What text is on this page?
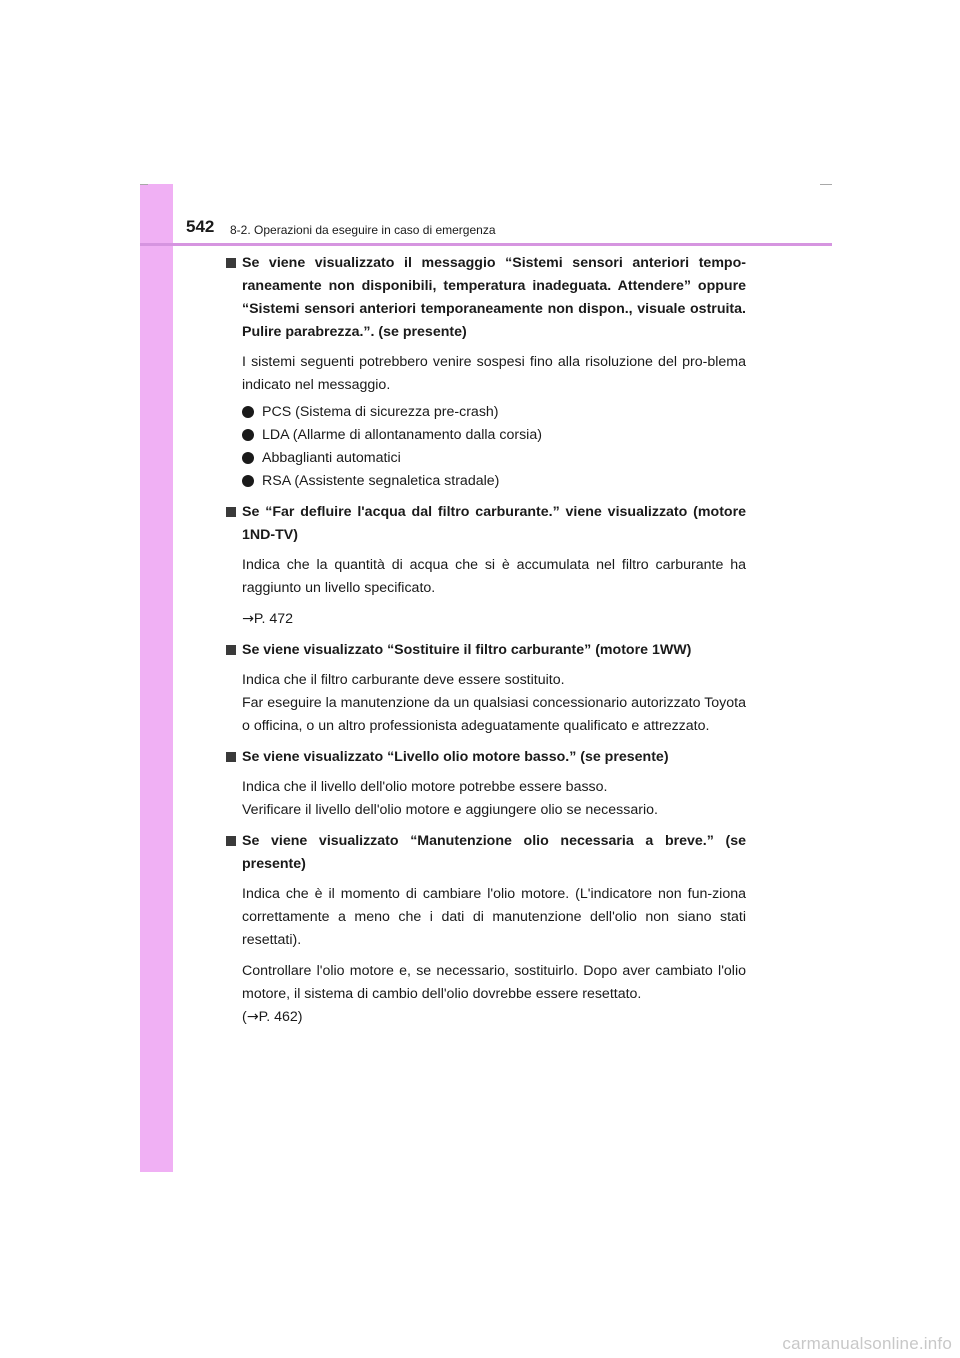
542 8-2. Operazioni da eseguire in caso di emergenza
Se viene visualizzato il messaggio “Sistemi sensori anteriori tempo-raneamente non disponibili, temperatura inadeguata. Attendere” oppure “Sistemi sensori anteriori temporaneamente non dispon., visuale ostruita. Pulire parabrezza.”. (se presente)
I sistemi seguenti potrebbero venire sospesi fino alla risoluzione del pro-blema indicato nel messaggio.
PCS (Sistema di sicurezza pre-crash)
LDA (Allarme di allontanamento dalla corsia)
Abbaglianti automatici
RSA (Assistente segnaletica stradale)
Se “Far defluire l'acqua dal filtro carburante.” viene visualizzato (motore 1ND-TV)
Indica che la quantità di acqua che si è accumulata nel filtro carburante ha raggiunto un livello specificato.
→P. 472
Se viene visualizzato “Sostituire il filtro carburante” (motore 1WW)
Indica che il filtro carburante deve essere sostituito.
Far eseguire la manutenzione da un qualsiasi concessionario autorizzato Toyota o officina, o un altro professionista adeguatamente qualificato e attrezzato.
Se viene visualizzato “Livello olio motore basso.” (se presente)
Indica che il livello dell'olio motore potrebbe essere basso.
Verificare il livello dell'olio motore e aggiungere olio se necessario.
Se viene visualizzato “Manutenzione olio necessaria a breve.” (se presente)
Indica che è il momento di cambiare l'olio motore. (L'indicatore non fun-ziona correttamente a meno che i dati di manutenzione dell'olio non siano stati resettati).
Controllare l'olio motore e, se necessario, sostituirlo. Dopo aver cambiato l'olio motore, il sistema di cambio dell'olio dovrebbe essere resettato.
(→P. 462)
carmanualsonline.info
